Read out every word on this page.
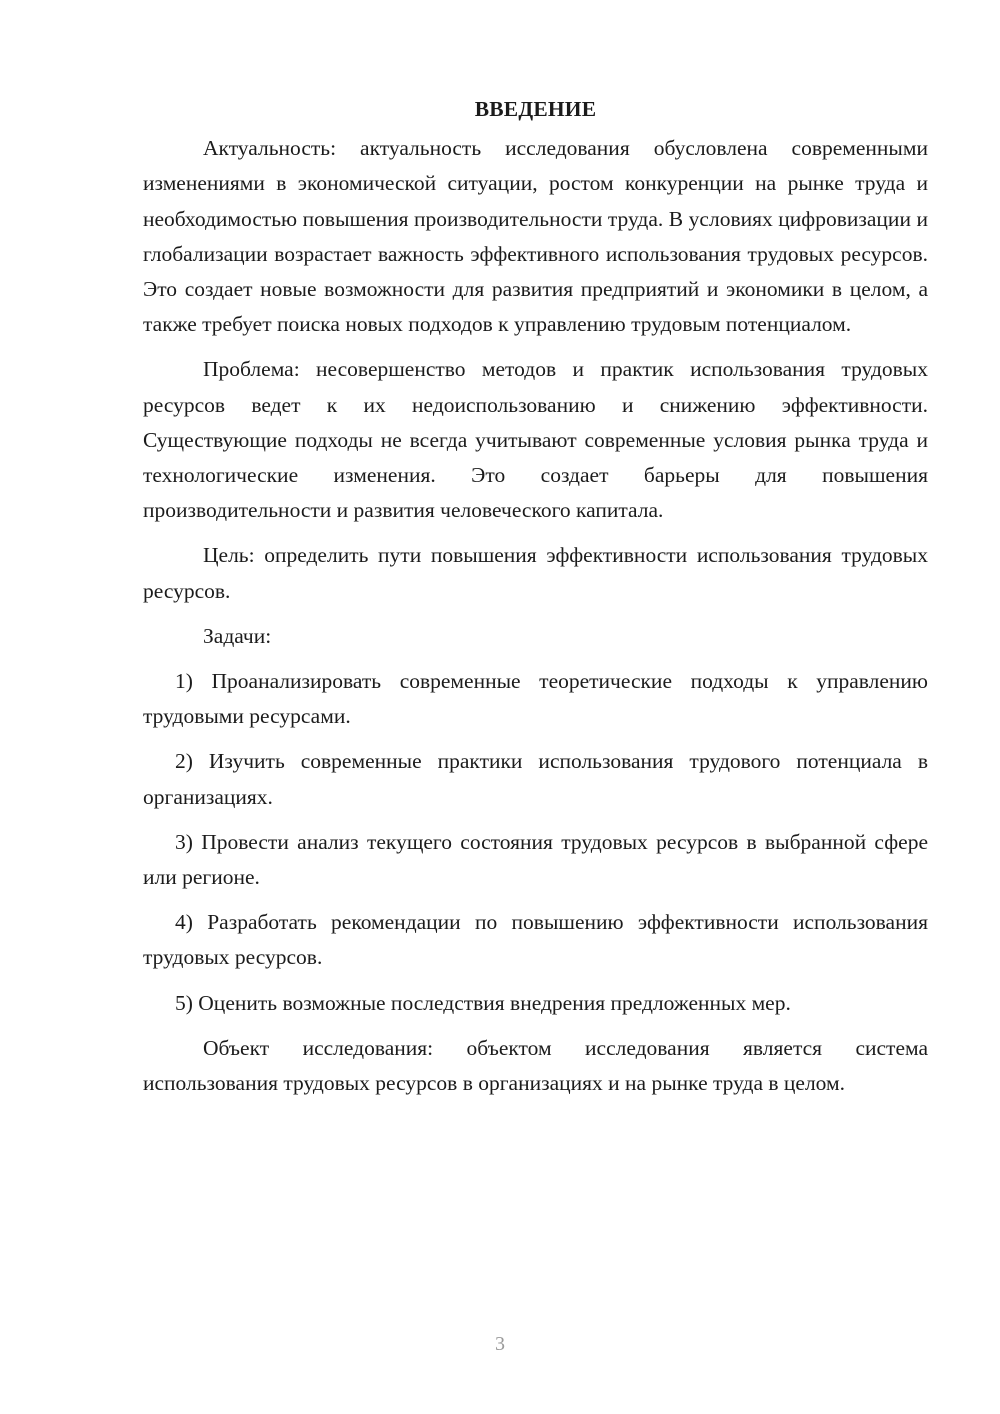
ВВЕДЕНИЕ

Актуальность: актуальность исследования обусловлена современными изменениями в экономической ситуации, ростом конкуренции на рынке труда и необходимостью повышения производительности труда. В условиях цифровизации и глобализации возрастает важность эффективного использования трудовых ресурсов. Это создает новые возможности для развития предприятий и экономики в целом, а также требует поиска новых подходов к управлению трудовым потенциалом.

Проблема: несовершенство методов и практик использования трудовых ресурсов ведет к их недоиспользованию и снижению эффективности. Существующие подходы не всегда учитывают современные условия рынка труда и технологические изменения. Это создает барьеры для повышения производительности и развития человеческого капитала.

Цель: определить пути повышения эффективности использования трудовых ресурсов.

Задачи:

1) Проанализировать современные теоретические подходы к управлению трудовыми ресурсами.

2) Изучить современные практики использования трудового потенциала в организациях.

3) Провести анализ текущего состояния трудовых ресурсов в выбранной сфере или регионе.

4) Разработать рекомендации по повышению эффективности использования трудовых ресурсов.

5) Оценить возможные последствия внедрения предложенных мер.

Объект исследования: объектом исследования является система использования трудовых ресурсов в организациях и на рынке труда в целом.

3
